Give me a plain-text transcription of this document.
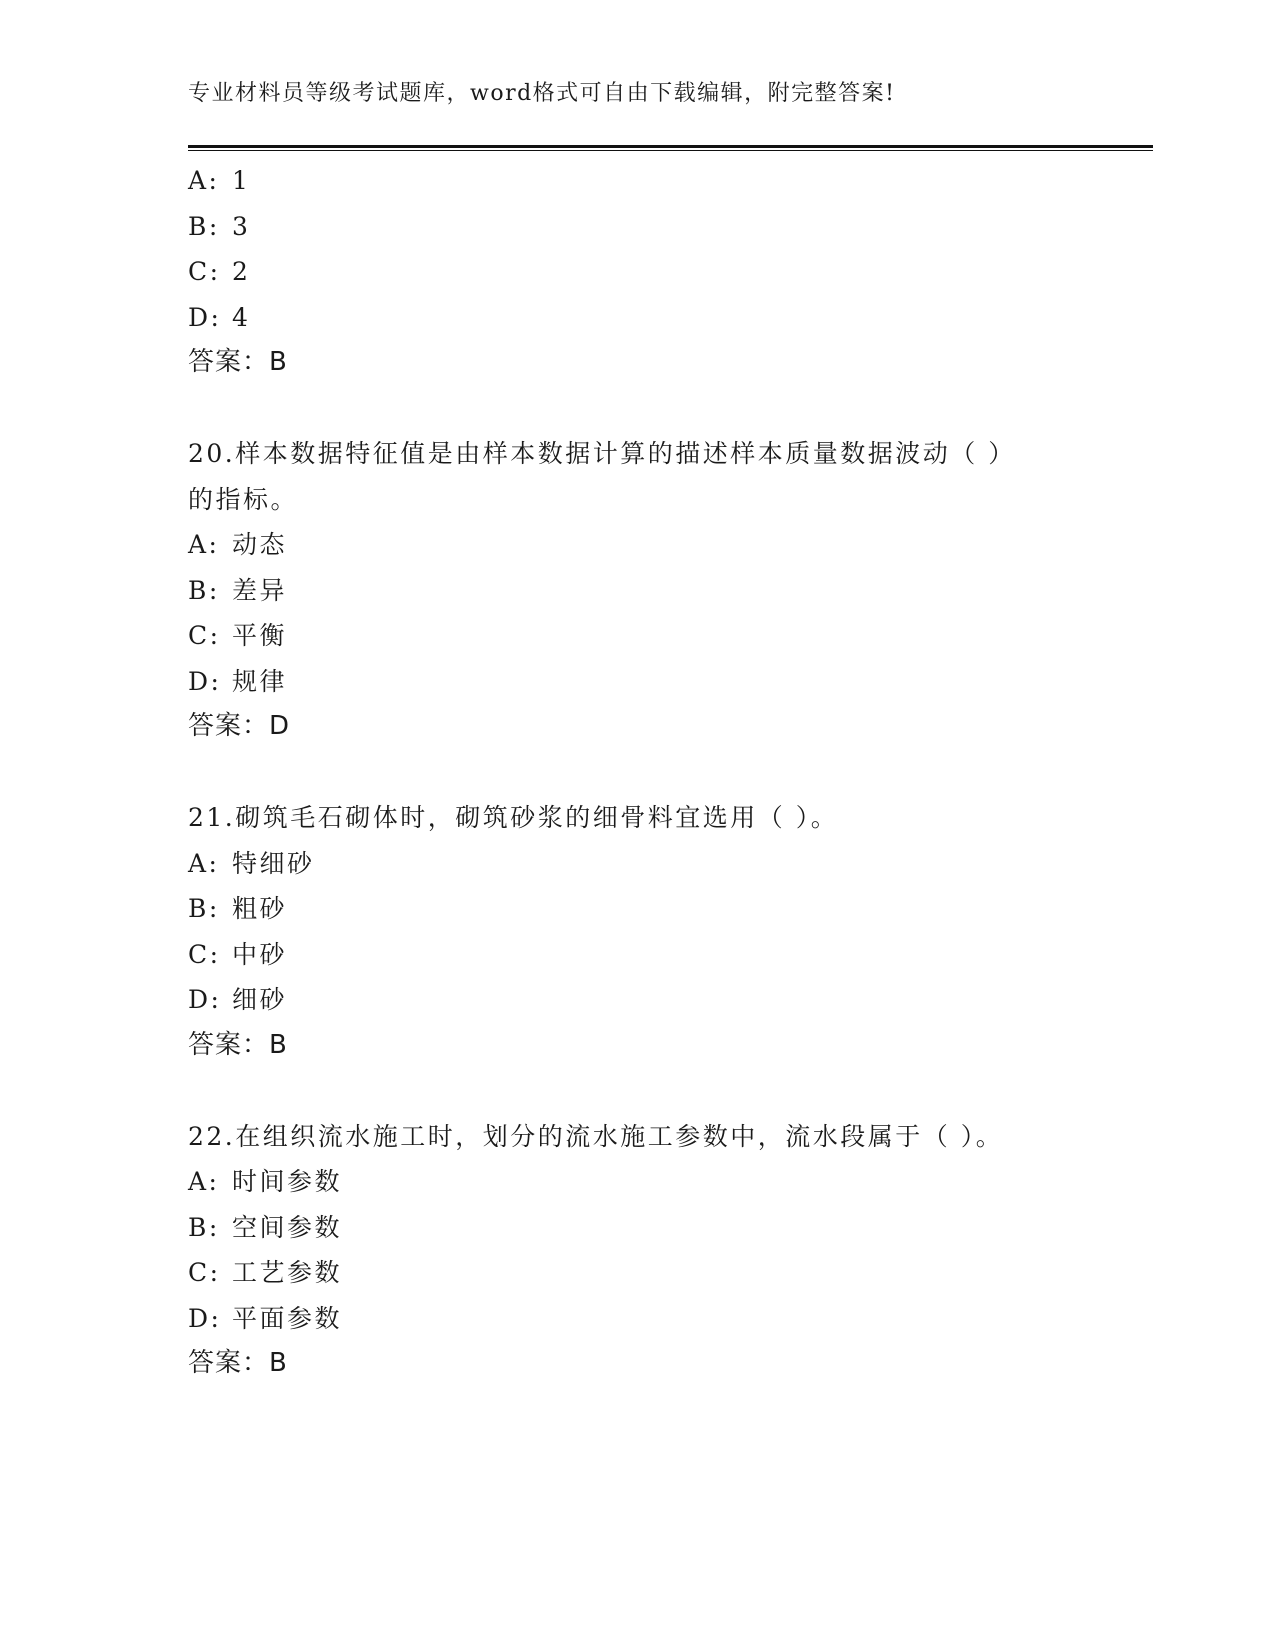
专业材料员等级考试题库，word格式可自由下载编辑，附完整答案!
A: 1
B: 3
C: 2
D: 4
答案：B
20.样本数据特征值是由样本数据计算的描述样本质量数据波动（ ）
的指标。
A: 动态
B: 差异
C: 平衡
D: 规律
答案：D
21.砌筑毛石砌体时，砌筑砂浆的细骨料宜选用（ ）。
A: 特细砂
B: 粗砂
C: 中砂
D: 细砂
答案：B
22.在组织流水施工时，划分的流水施工参数中，流水段属于（ ）。
A: 时间参数
B: 空间参数
C: 工艺参数
D: 平面参数
答案：B
